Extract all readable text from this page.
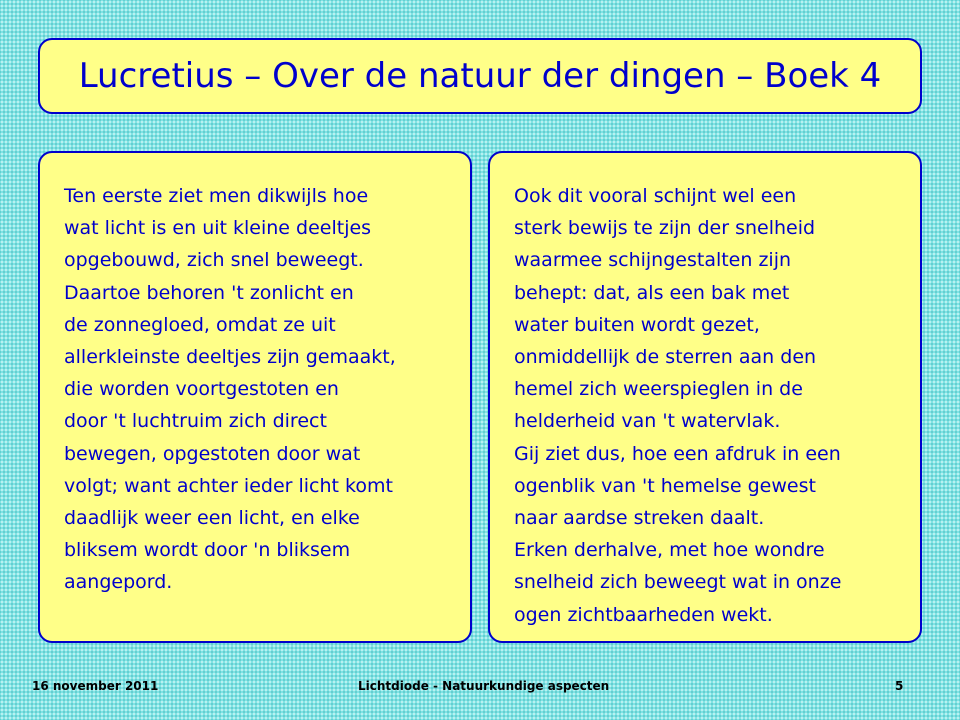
Lucretius – Over de natuur der dingen – Boek 4
Ten eerste ziet men dikwijls hoe
wat licht is en uit kleine deeltjes
opgebouwd, zich snel beweegt.
Daartoe behoren 't zonlicht en
de zonnegloed, omdat ze uit
allerkleinste deeltjes zijn gemaakt,
die worden voortgestoten en
door 't luchtruim zich direct
bewegen, opgestoten door wat
volgt; want achter ieder licht komt
daadlijk weer een licht, en elke
bliksem wordt door 'n bliksem
aangepord.
Ook dit vooral schijnt wel een
sterk bewijs te zijn der snelheid
waarmee schijngestalten zijn
behept: dat, als een bak met
water buiten wordt gezet,
onmiddellijk de sterren aan den
hemel zich weerspieglen in de
helderheid van 't watervlak.
Gij ziet dus, hoe een afdruk in een
ogenblik van 't hemelse gewest
naar aardse streken daalt.
Erken derhalve, met hoe wondre
snelheid zich beweegt wat in onze
ogen zichtbaarheden wekt.
16 november 2011	Lichtdiode - Natuurkundige aspecten	5
